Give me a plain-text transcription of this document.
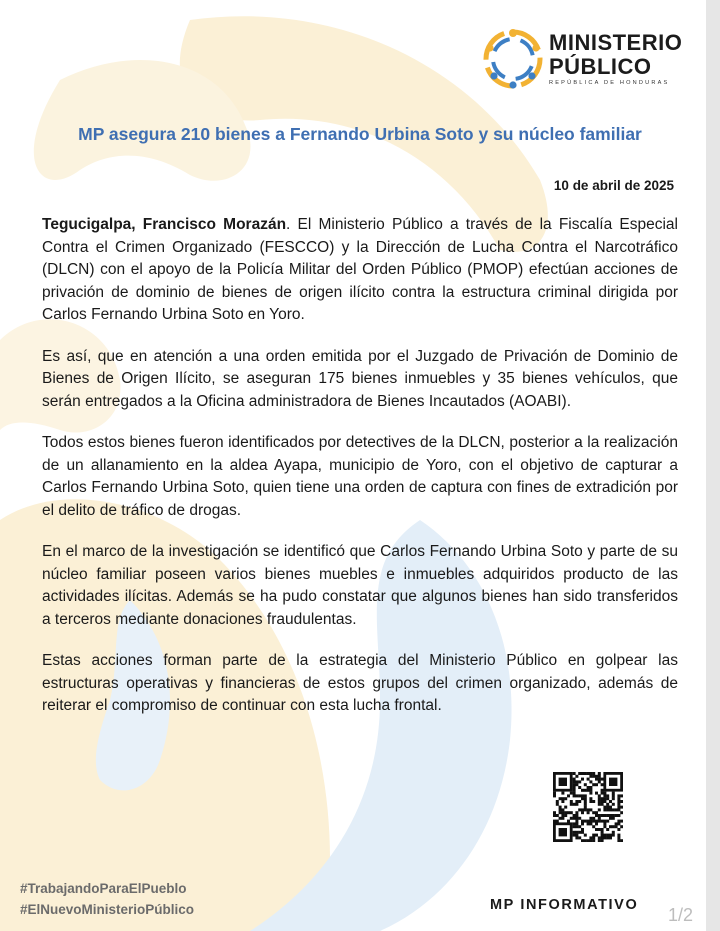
MINISTERIO
PÚBLICO
REPÚBLICA DE HONDURAS
MP asegura 210 bienes a Fernando Urbina Soto y su núcleo familiar
10 de abril de 2025

Tegucigalpa, Francisco Morazán. El Ministerio Público a través de la Fiscalía Especial Contra el Crimen Organizado (FESCCO) y la Dirección de Lucha Contra el Narcotráfico (DLCN) con el apoyo de la Policía Militar del Orden Público (PMOP) efectúan acciones de privación de dominio de bienes de origen ilícito contra la estructura criminal dirigida por Carlos Fernando Urbina Soto en Yoro.

Es así, que en atención a una orden emitida por el Juzgado de Privación de Dominio de Bienes de Origen Ilícito, se aseguran 175 bienes inmuebles y 35 bienes vehículos, que serán entregados a la Oficina administradora de Bienes Incautados (AOABI).

Todos estos bienes fueron identificados por detectives de la DLCN, posterior a la realización de un allanamiento en la aldea Ayapa, municipio de Yoro, con el objetivo de capturar a Carlos Fernando Urbina Soto, quien tiene una orden de captura con fines de extradición por el delito de tráfico de drogas.

En el marco de la investigación se identificó que Carlos Fernando Urbina Soto y parte de su núcleo familiar poseen varios bienes muebles e inmuebles adquiridos producto de las actividades ilícitas. Además se ha pudo constatar que algunos bienes han sido transferidos a terceros mediante donaciones fraudulentas.

Estas acciones forman parte de la estrategia del Ministerio Público en golpear las estructuras operativas y financieras de estos grupos del crimen organizado, además de reiterar el compromiso de continuar con esta lucha frontal.

#TrabajandoParaElPueblo
#ElNuevoMinisterioPúblico	MP INFORMATIVO 1/2
